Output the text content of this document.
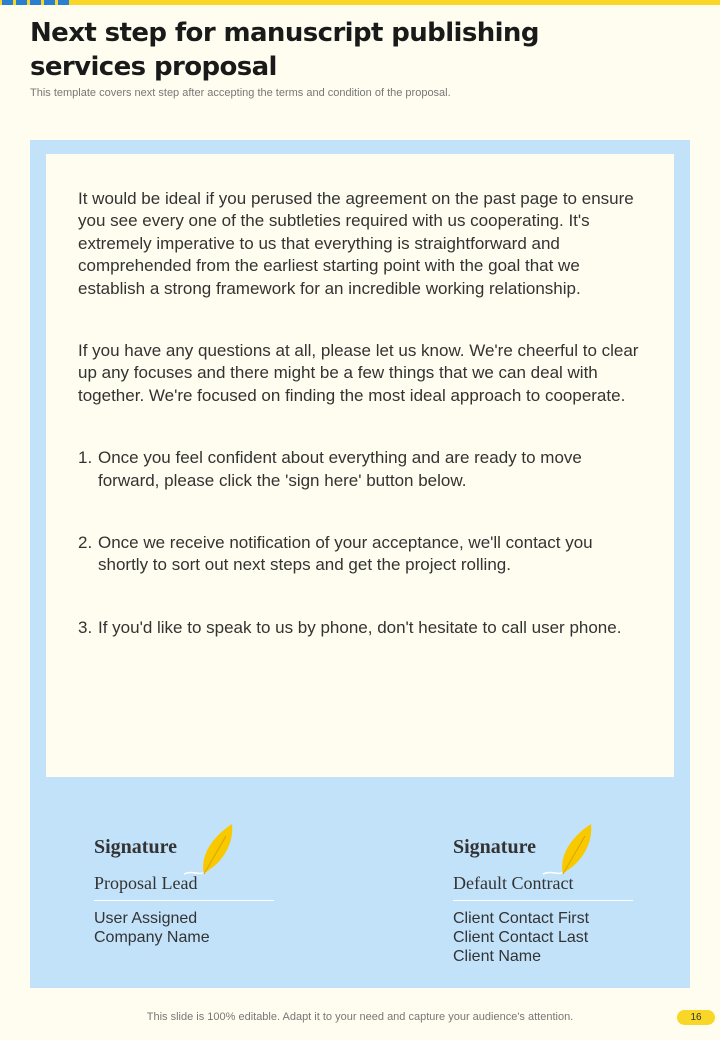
Next step for manuscript publishing
services proposal
This template covers next step after accepting the terms and condition of the proposal.

It would be ideal if you perused the agreement on the past page to ensure you see every one of the subtleties required with us cooperating. It's extremely imperative to us that everything is straightforward and comprehended from the earliest starting point with the goal that we establish a strong framework for an incredible working relationship.

If you have any questions at all, please let us know. We're cheerful to clear up any focuses and there might be a few things that we can deal with together. We're focused on finding the most ideal approach to cooperate.

1. Once you feel confident about everything and are ready to move forward, please click the 'sign here' button below.
2. Once we receive notification of your acceptance, we'll contact you shortly to sort out next steps and get the project rolling.
3. If you'd like to speak to us by phone, don't hesitate to call user phone.
Signature
Proposal Lead
User Assigned
Company Name
Signature
Default Contract
Client Contact First
Client Contact Last
Client Name
This slide is 100% editable. Adapt it to your need and capture your audience's attention.	16
